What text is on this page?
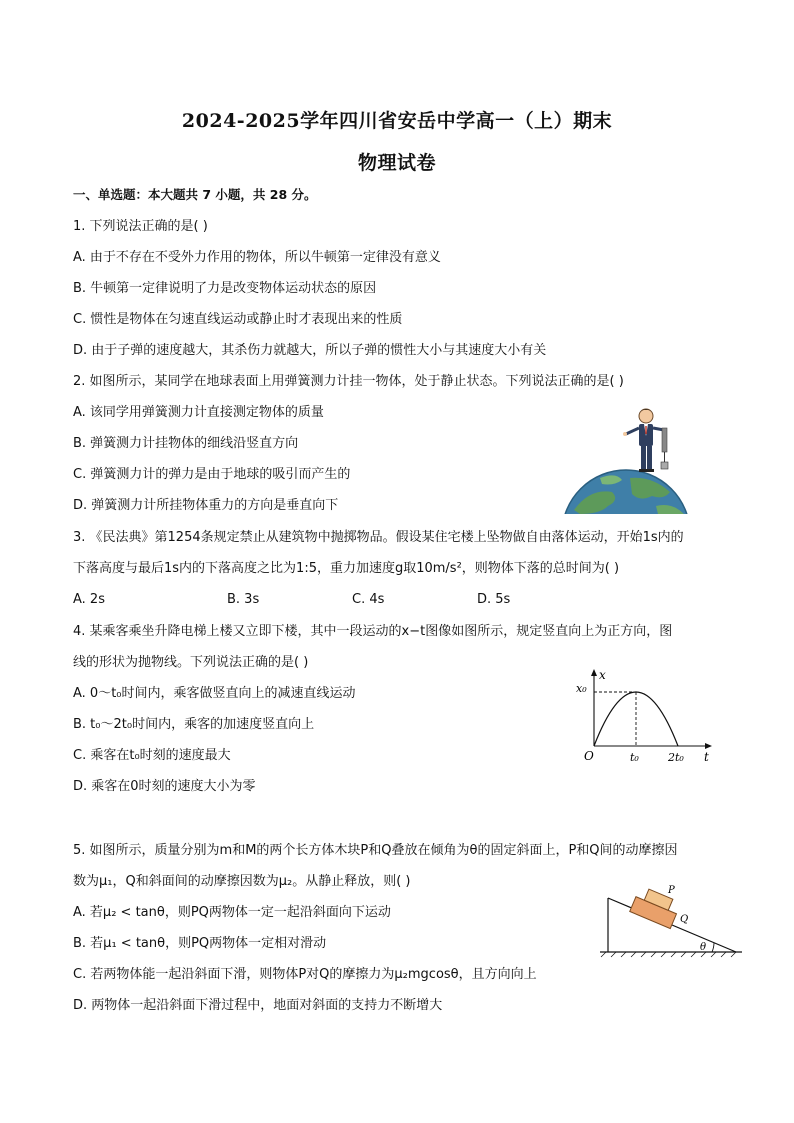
2024-2025学年四川省安岳中学高一（上）期末
物理试卷
一、单选题：本大题共 7 小题，共 28 分。
1. 下列说法正确的是( )
A. 由于不存在不受外力作用的物体，所以牛顿第一定律没有意义
B. 牛顿第一定律说明了力是改变物体运动状态的原因
C. 惯性是物体在匀速直线运动或静止时才表现出来的性质
D. 由于子弹的速度越大，其杀伤力就越大，所以子弹的惯性大小与其速度大小有关
2. 如图所示，某同学在地球表面上用弹簧测力计挂一物体，处于静止状态。下列说法正确的是( )
A. 该同学用弹簧测力计直接测定物体的质量
B. 弹簧测力计挂物体的细线沿竖直方向
C. 弹簧测力计的弹力是由于地球的吸引而产生的
D. 弹簧测力计所挂物体重力的方向是垂直向下
3. 《民法典》第1254条规定禁止从建筑物中抛掷物品。假设某住宅楼上坠物做自由落体运动，开始1s内的
下落高度与最后1s内的下落高度之比为1:5，重力加速度g取10m/s²，则物体下落的总时间为( )
A. 2s	B. 3s	C. 4s	D. 5s
4. 某乘客乘坐升降电梯上楼又立即下楼，其中一段运动的x−t图像如图所示，规定竖直向上为正方向，图
线的形状为抛物线。下列说法正确的是( )
A. 0～t₀时间内，乘客做竖直向上的减速直线运动
B. t₀～2t₀时间内，乘客的加速度竖直向上
C. 乘客在t₀时刻的速度最大
D. 乘客在0时刻的速度大小为零
x
x₀
O	t₀	2t₀ t
5. 如图所示，质量分别为m和M的两个长方体木块P和Q叠放在倾角为θ的固定斜面上，P和Q间的动摩擦因
数为μ₁，Q和斜面间的动摩擦因数为μ₂。从静止释放，则( )
A. 若μ₂ < tanθ，则PQ两物体一定一起沿斜面向下运动
B. 若μ₁ < tanθ，则PQ两物体一定相对滑动
C. 若两物体能一起沿斜面下滑，则物体P对Q的摩擦力为μ₂mgcosθ，且方向向上
D. 两物体一起沿斜面下滑过程中，地面对斜面的支持力不断增大
P
Q
θ
